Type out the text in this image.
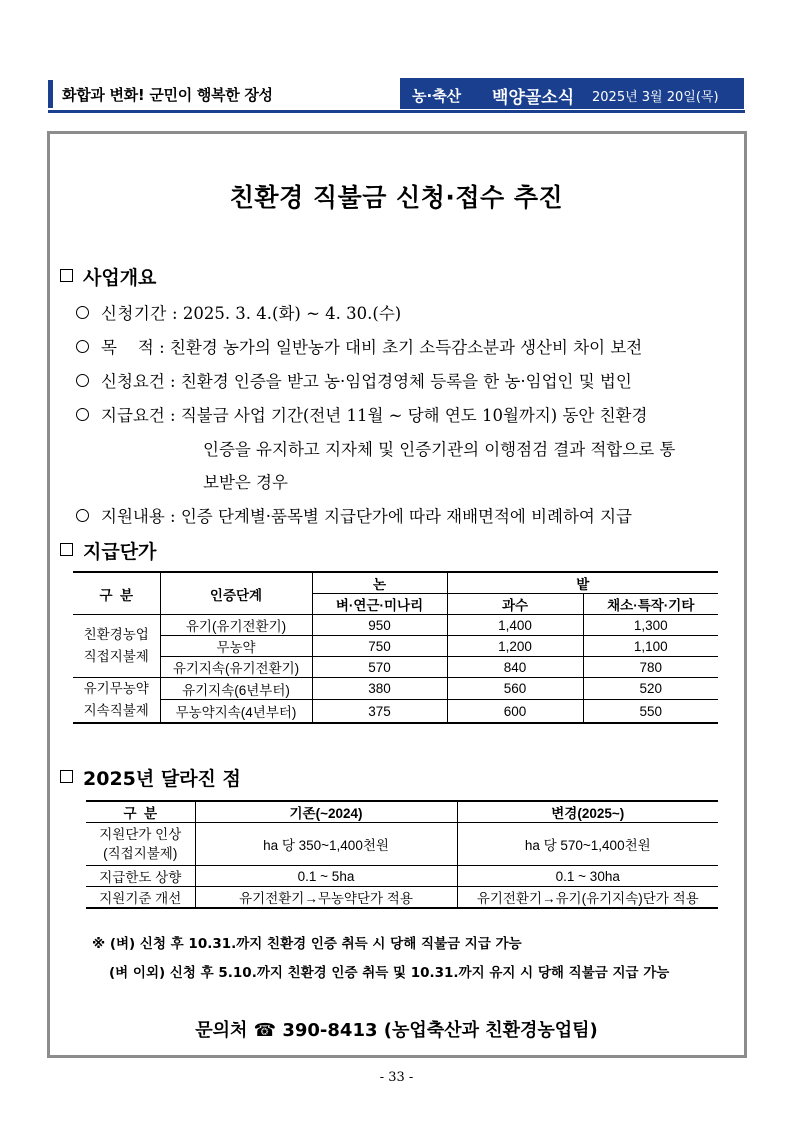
화합과 변화! 군민이 행복한 장성	농·축산 백양골소식 2025년 3월 20일(목)
친환경 직불금 신청·접수 추진
사업개요
신청기간 : 2025. 3. 4.(화) ~ 4. 30.(수)
목    적 : 친환경 농가의 일반농가 대비 초기 소득감소분과 생산비 차이 보전
신청요건 : 친환경 인증을 받고 농·임업경영체 등록을 한 농·임업인 및 법인
지급요건 : 직불금 사업 기간(전년 11월 ~ 당해 연도 10월까지) 동안 친환경
인증을 유지하고 지자체 및 인증기관의 이행점검 결과 적합으로 통
보받은 경우
지원내용 : 인증 단계별·품목별 지급단가에 따라 재배면적에 비례하여 지급
지급단가
구  분	인증단계	논	밭	
		벼·연근·미나리	과수	채소·특작·기타
친환경농업
직접지불제	유기(유기전환기)	950	1,400	1,300
	무농약	750	1,200	1,100
	유기지속(유기전환기)	570	840	780
유기무농약
지속직불제	유기지속(6년부터)	380	560	520
	무농약지속(4년부터)	375	600	550
2025년 달라진 점
구  분	기존(~2024)	변경(2025~)
지원단가 인상
(직접지불제)	ha 당 350~1,400천원	ha 당 570~1,400천원
지급한도 상향	0.1 ~ 5ha	0.1 ~ 30ha
지원기준 개선	유기전환기→무농약단가 적용	유기전환기→유기(유기지속)단가 적용
※ (벼) 신청 후 10.31.까지 친환경 인증 취득 시 당해 직불금 지급 가능
(벼 이외) 신청 후 5.10.까지 친환경 인증 취득 및 10.31.까지 유지 시 당해 직불금 지급 가능
문의처 ☎ 390-8413 (농업축산과 친환경농업팀)
- 33 -
